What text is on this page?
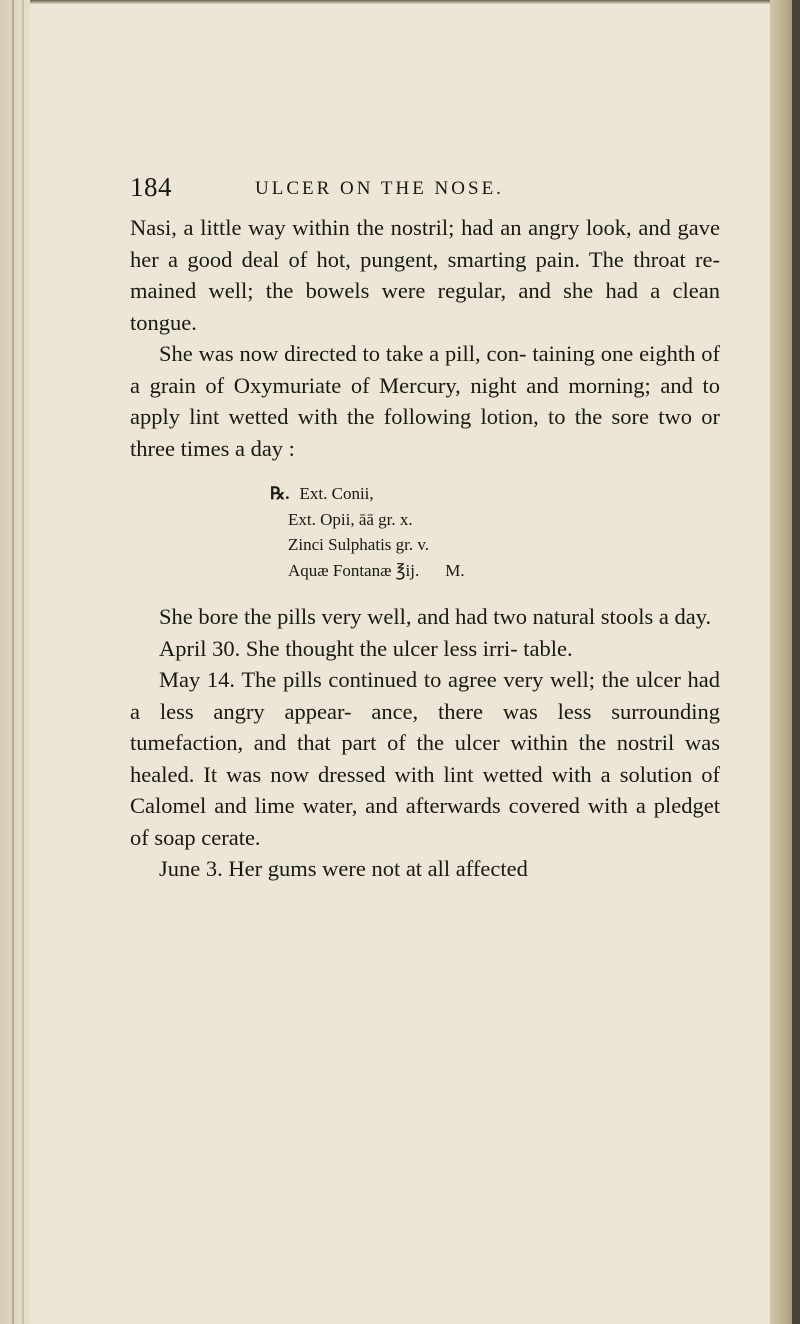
184	ULCER ON THE NOSE.

Nasi, a little way within the nostril; had an angry look, and gave her a good deal of hot, pungent, smarting pain. The throat re- mained well; the bowels were regular, and she had a clean tongue.

She was now directed to take a pill, con- taining one eighth of a grain of Oxymuriate of Mercury, night and morning; and to apply lint wetted with the following lotion, to the sore two or three times a day :

℞. Ext. Conii,
Ext. Opii, āā gr. x.
Zinci Sulphatis gr. v.
Aquæ Fontanæ ℥ij. M.

She bore the pills very well, and had two natural stools a day.

April 30. She thought the ulcer less irri- table.

May 14. The pills continued to agree very well; the ulcer had a less angry appear- ance, there was less surrounding tumefaction, and that part of the ulcer within the nostril was healed. It was now dressed with lint wetted with a solution of Calomel and lime water, and afterwards covered with a pledget of soap cerate.

June 3. Her gums were not at all affected
